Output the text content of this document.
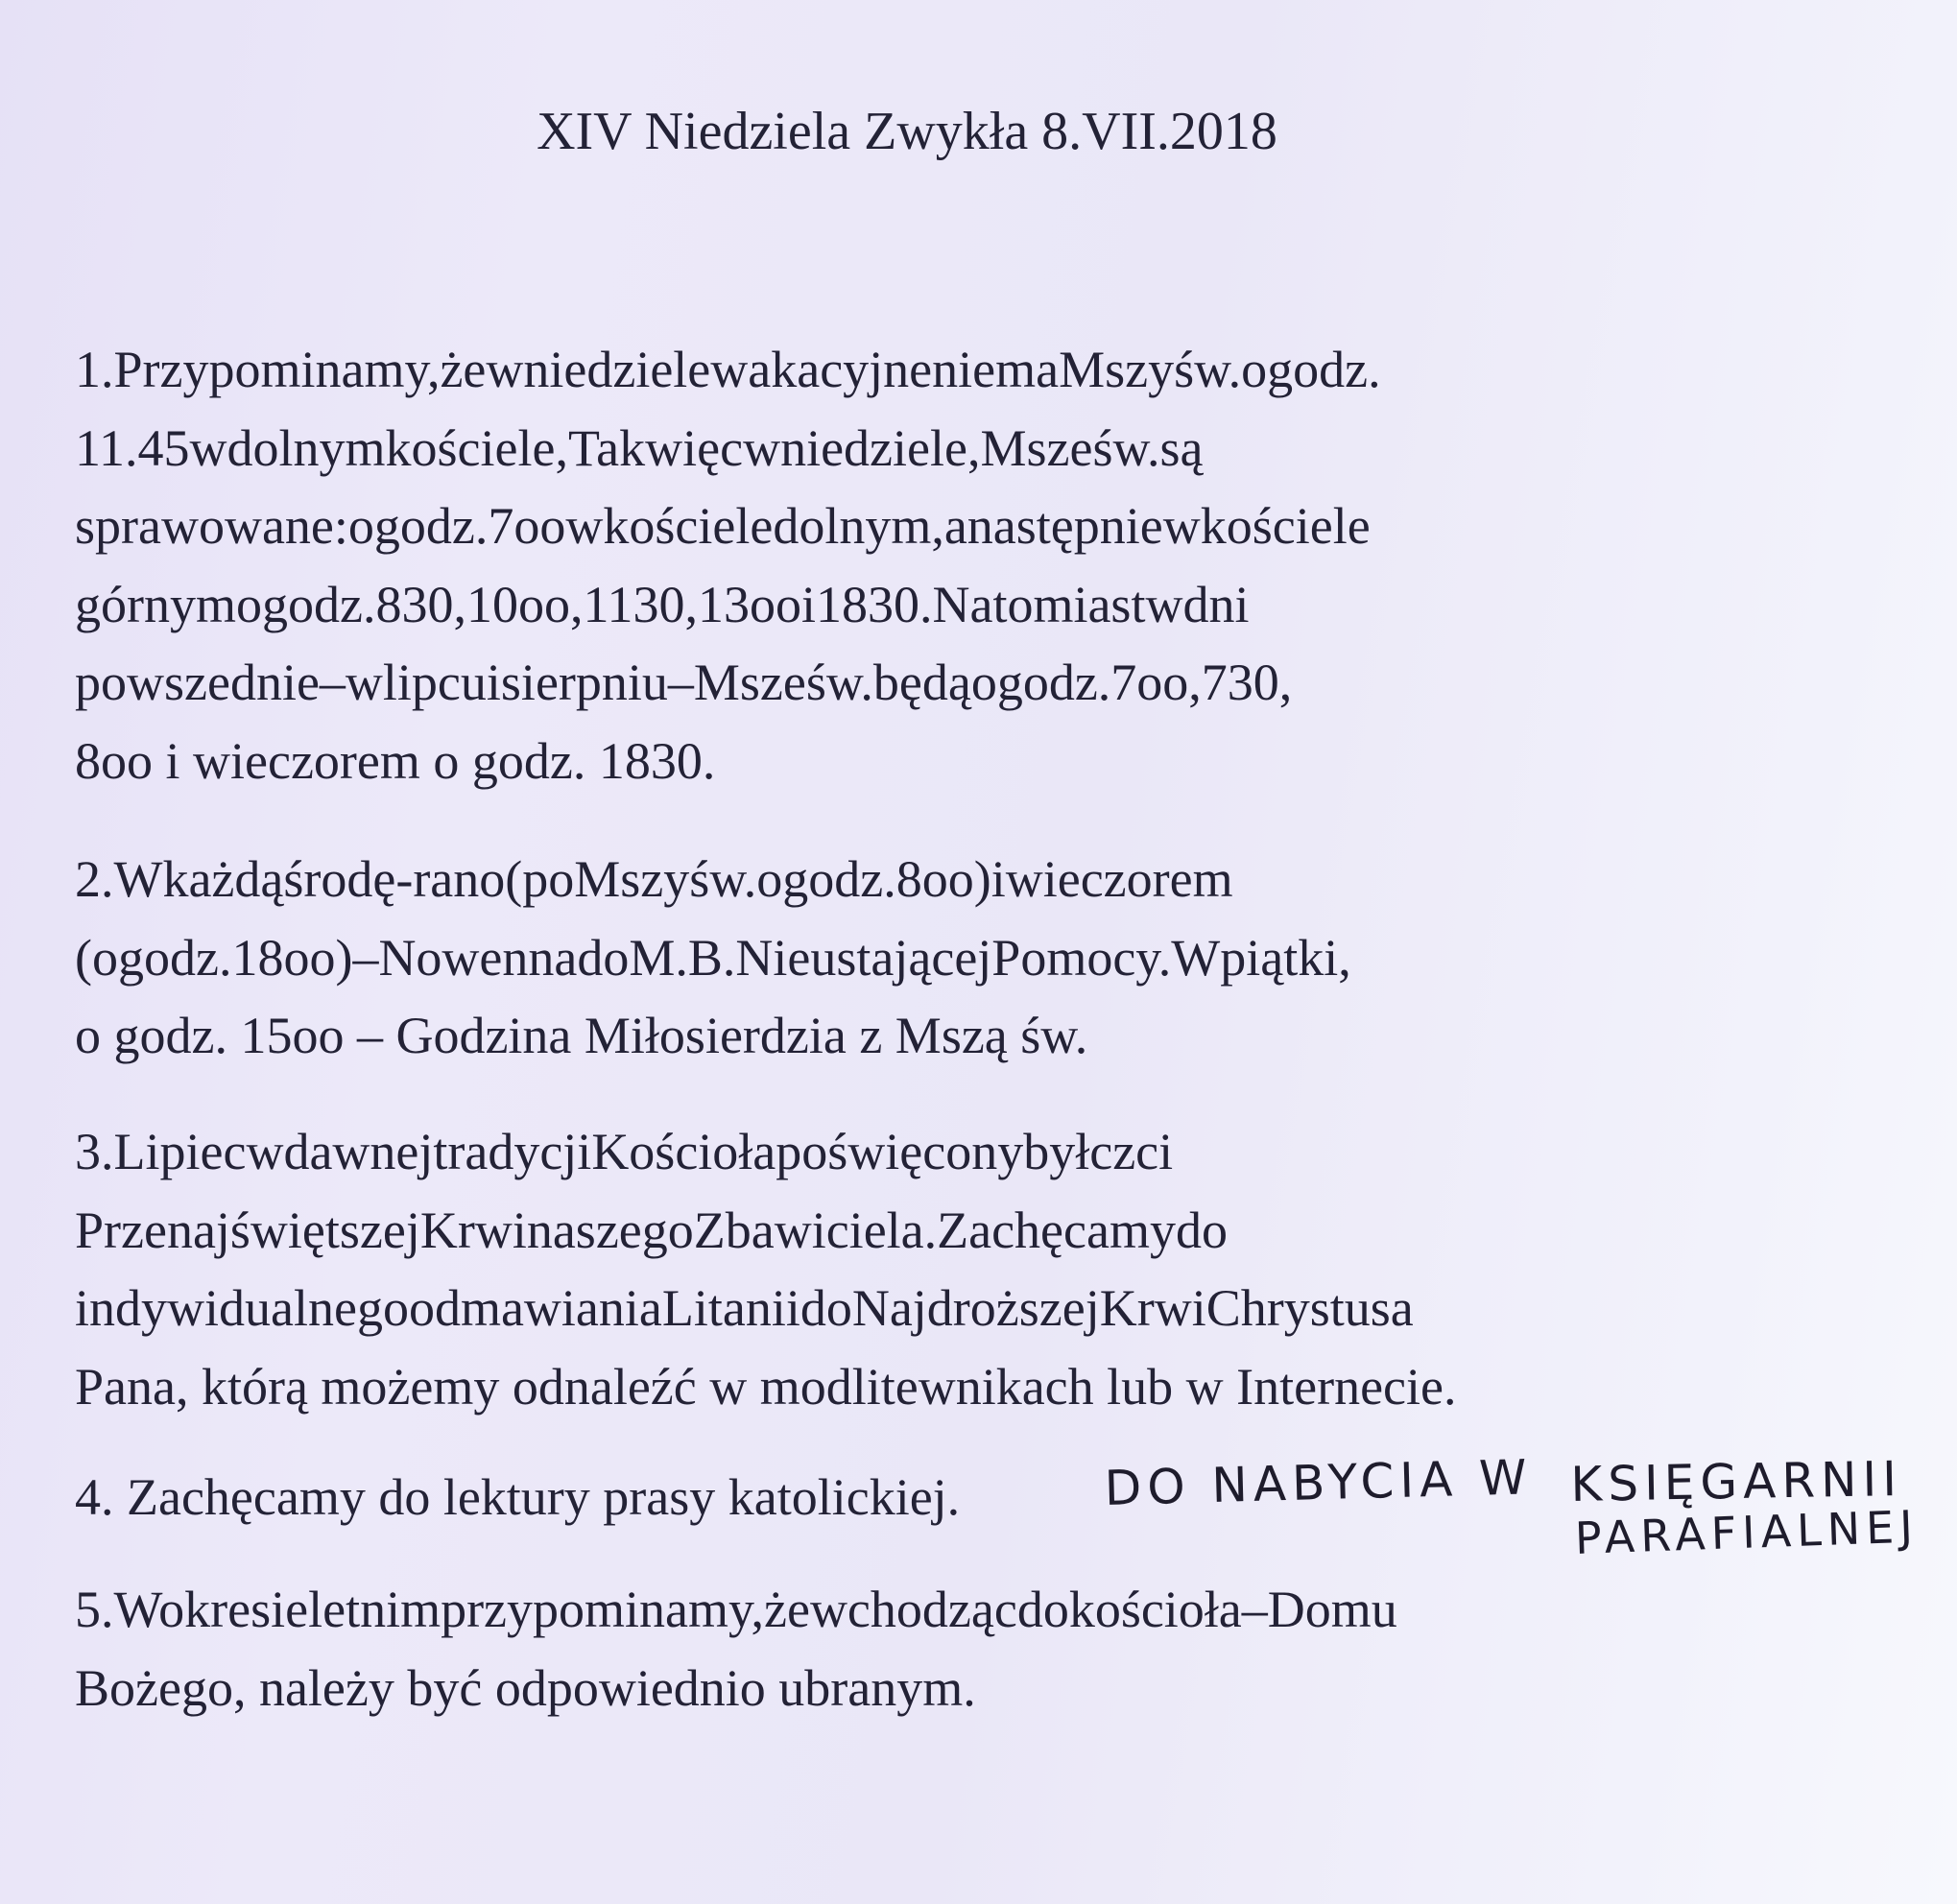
XIV Niedziela Zwykła 8.VII.2018
1.Przypominamy,żewniedzielewakacyjneniemaMszyśw.ogodz.
11.45wdolnymkościele,Takwięcwniedziele,Msześw.są
sprawowane:ogodz.7oowkościeledolnym,anastępniewkościele
górnymogodz.830,10oo,1130,13ooi1830.Natomiastwdni
powszednie–wlipcuisierpniu–Msześw.będąogodz.7oo,730,
8oo i wieczorem o godz. 1830.
2.Wkażdąśrodę-rano(poMszyśw.ogodz.8oo)iwieczorem
(ogodz.18oo)–NowennadoM.B.NieustającejPomocy.Wpiątki,
o godz. 15oo – Godzina Miłosierdzia z Mszą św.
3.LipiecwdawnejtradycjiKościołapoświęconybyłczci
PrzenajświętszejKrwinaszegoZbawiciela.Zachęcamydo
indywidualnegoodmawianiaLitaniidoNajdroższejKrwiChrystusa
Pana, którą możemy odnaleźć w modlitewnikach lub w Internecie.
4. Zachęcamy do lektury prasy katolickiej.	DO NABYCIA W KSIĘGARNII
PARAFIALNEJ
5.Wokresieletnimprzypominamy,żewchodzącdokościoła–Domu
Bożego, należy być odpowiednio ubranym.
